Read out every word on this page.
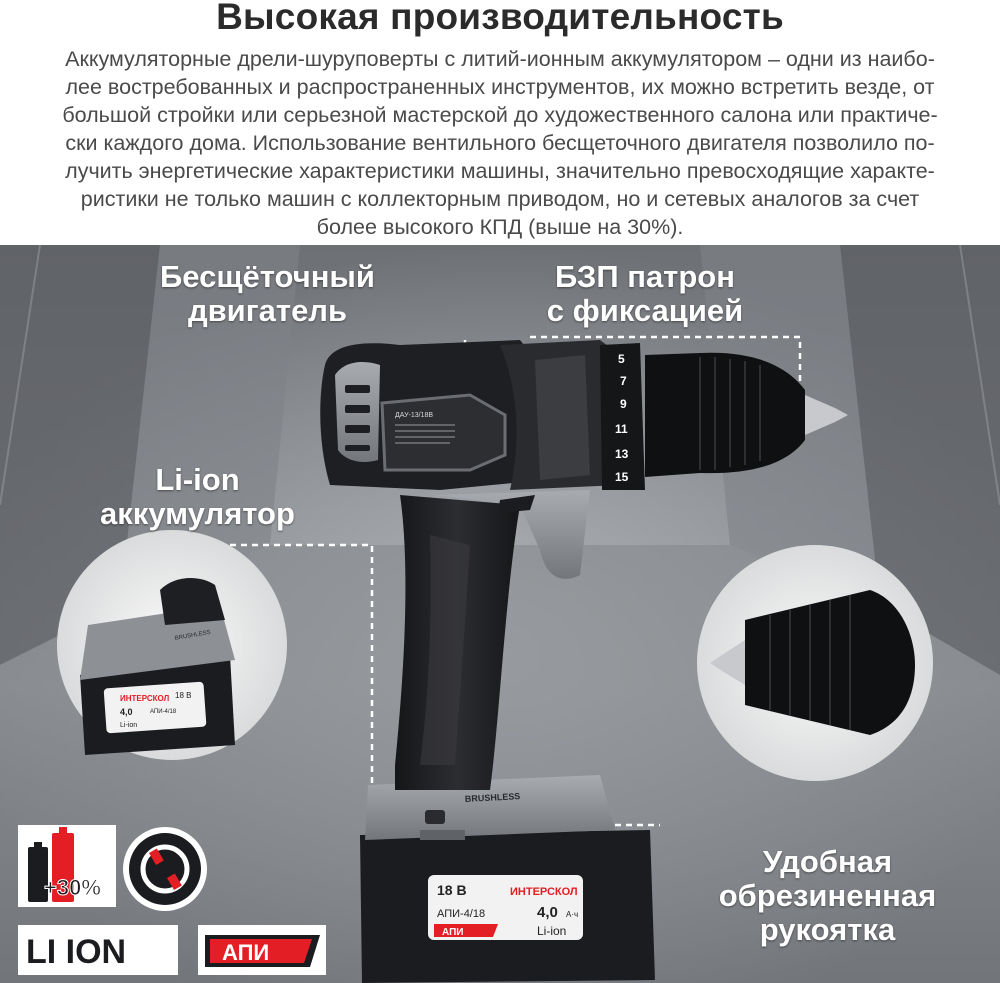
Высокая производительность
Аккумуляторные дрели-шуруповерты с литий-ионным аккумулятором – одни из наибо-
лее востребованных и распространенных инструментов, их можно встретить везде, от
большой стройки или серьезной мастерской до художественного салона или практиче-
ски каждого дома. Использование вентильного бесщеточного двигателя позволило по-
лучить энергетические характеристики машины, значительно превосходящие характе-
ристики не только машин с коллекторным приводом, но и сетевых аналогов за счет
более высокого КПД (выше на 30%).
18 В	ИНТЕРСКОЛ
АПИ-4/18	4,0 А·ч
АПИ	Li-ion
BRUSHLESS
ДАУ-13/18В
5
7
9
11
13
15
ИНТЕРСКОЛ 18 В
4,0	АПИ-4/18
Li-ion
BRUSHLESS
+30%
LI ION	АПИ
Бесщёточный
двигатель
БЗП патрон
с фиксацией
Li-ion
аккумулятор
Удобная
обрезиненная
рукоятка
